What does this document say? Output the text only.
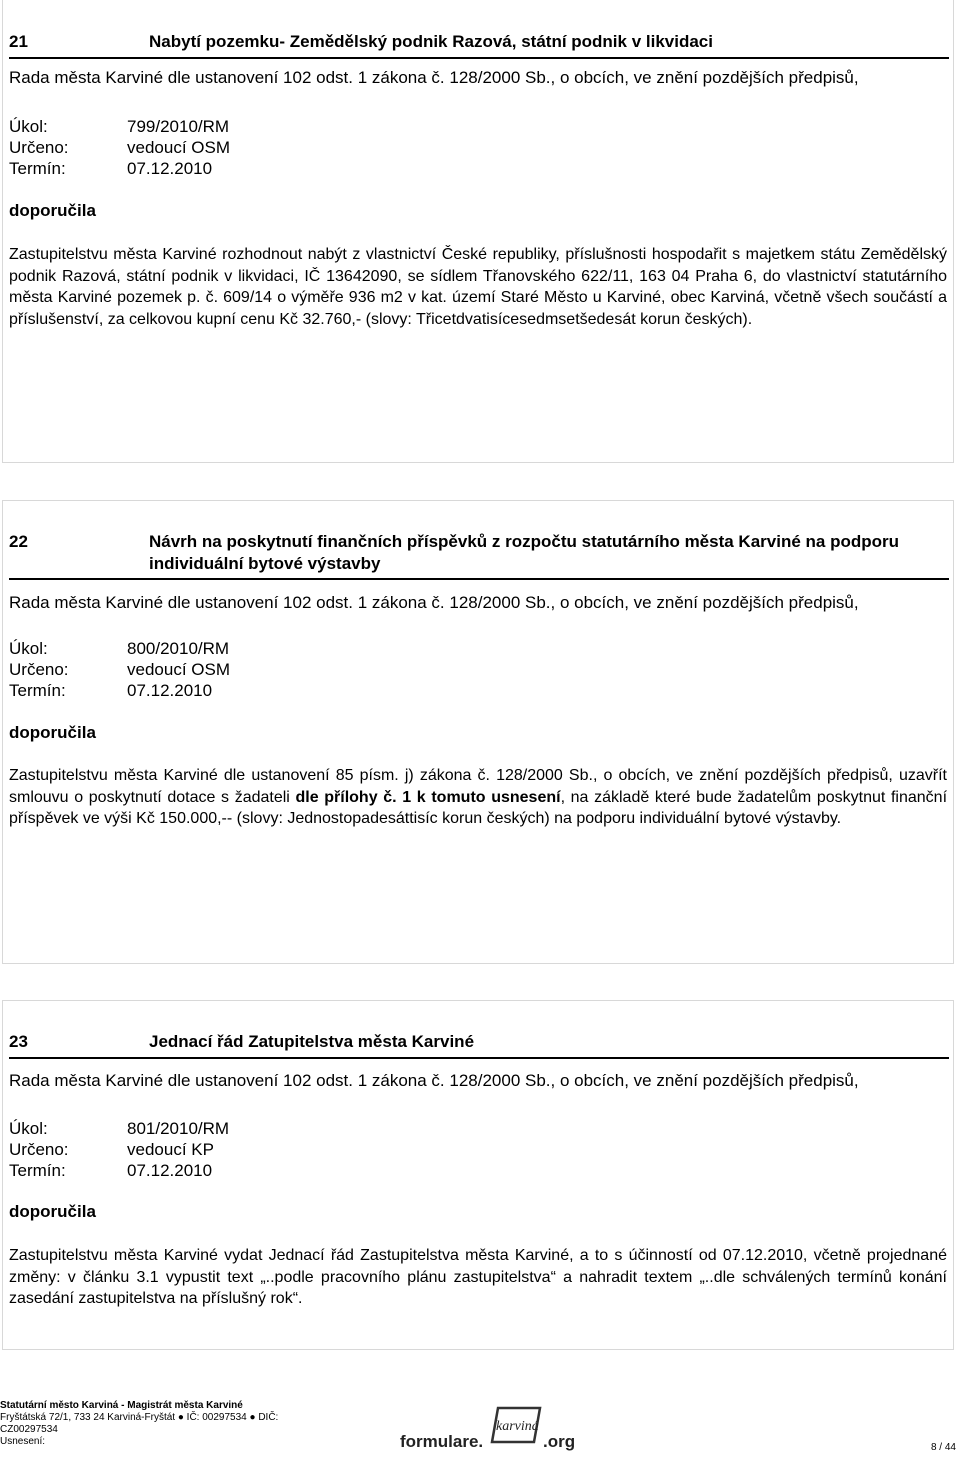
21	Nabytí pozemku- Zemědělský podnik Razová, státní podnik v likvidaci
Rada města Karviné dle ustanovení 102 odst. 1 zákona č. 128/2000 Sb., o obcích, ve znění pozdějších předpisů,
Úkol:	799/2010/RM
Určeno:	vedoucí OSM
Termín:	07.12.2010
doporučila
Zastupitelstvu města Karviné rozhodnout nabýt z vlastnictví České republiky, příslušnosti hospodařit s majetkem státu Zemědělský podnik Razová, státní podnik v likvidaci, IČ 13642090, se sídlem Třanovského 622/11, 163 04 Praha 6, do vlastnictví statutárního města Karviné pozemek p. č. 609/14 o výměře 936 m2 v kat. území Staré Město u Karviné, obec Karviná, včetně všech součástí a příslušenství, za celkovou kupní cenu Kč 32.760,- (slovy: Třicetdvatisícesedmsetšedesát korun českých).
22	Návrh na poskytnutí finančních příspěvků z rozpočtu statutárního města Karviné na podporu individuální bytové výstavby
Rada města Karviné dle ustanovení 102 odst. 1 zákona č. 128/2000 Sb., o obcích, ve znění pozdějších předpisů,
Úkol:	800/2010/RM
Určeno:	vedoucí OSM
Termín:	07.12.2010
doporučila
Zastupitelstvu města Karviné dle ustanovení 85 písm. j) zákona č. 128/2000 Sb., o obcích, ve znění pozdějších předpisů, uzavřít smlouvu o poskytnutí dotace s žadateli dle přílohy č. 1 k tomuto usnesení, na základě které bude žadatelům poskytnut finanční příspěvek ve výši Kč 150.000,-- (slovy: Jednostopadesáttisíc korun českých) na podporu individuální bytové výstavby.
23	Jednací řád Zatupitelstva města Karviné
Rada města Karviné dle ustanovení 102 odst. 1 zákona č. 128/2000 Sb., o obcích, ve znění pozdějších předpisů,
Úkol:	801/2010/RM
Určeno:	vedoucí KP
Termín:	07.12.2010
doporučila
Zastupitelstvu města Karviné vydat Jednací řád Zastupitelstva města Karviné, a to s účinností od 07.12.2010, včetně projednané změny: v článku 3.1 vypustit text „..podle pracovního plánu zastupitelstva“ a nahradit textem „..dle schválených termínů konání zasedání zastupitelstva na příslušný rok“.
Statutární město Karviná - Magistrát města Karviné
Fryštátská 72/1, 733 24 Karviná-Fryštát ● IČ: 00297534 ● DIČ:
CZ00297534
Usnesení:	formulare.
karviná
.org	8 / 44
